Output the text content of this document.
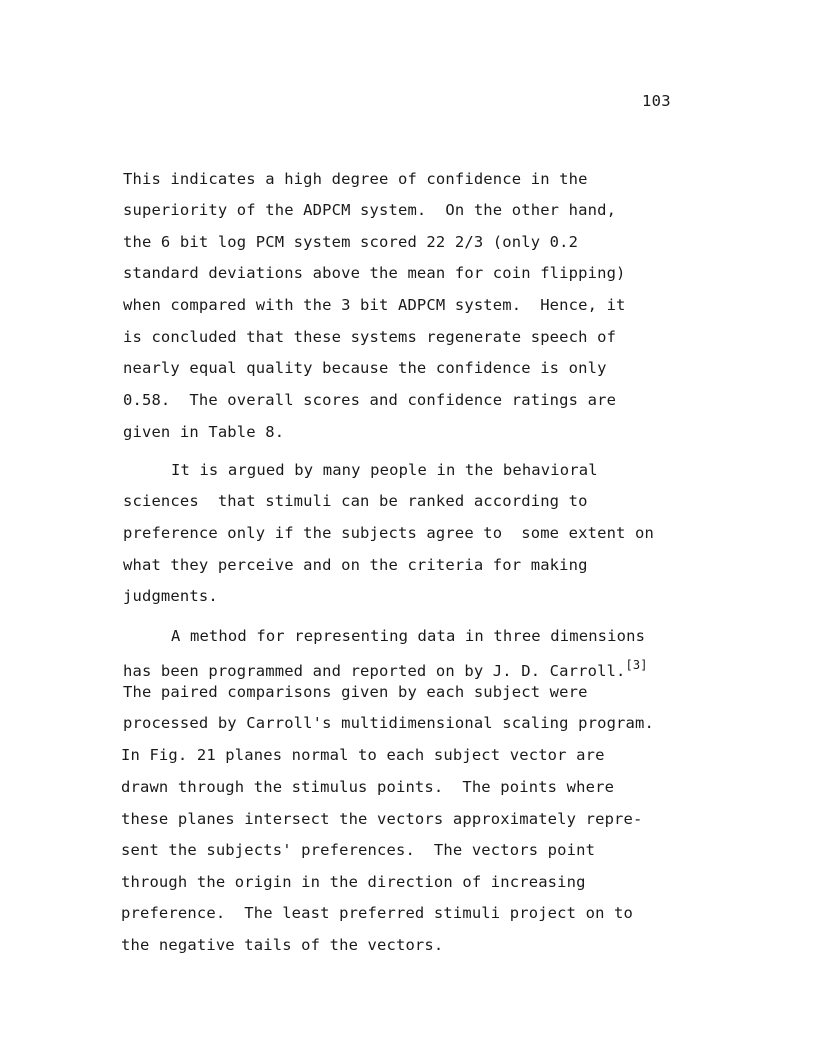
103
This indicates a high degree of confidence in the
superiority of the ADPCM system.  On the other hand,
the 6 bit log PCM system scored 22 2/3 (only 0.2
standard deviations above the mean for coin flipping)
when compared with the 3 bit ADPCM system.  Hence, it
is concluded that these systems regenerate speech of
nearly equal quality because the confidence is only
0.58.  The overall scores and confidence ratings are
given in Table 8.
It is argued by many people in the behavioral
sciences  that stimuli can be ranked according to
preference only if the subjects agree to  some extent on
what they perceive and on the criteria for making
judgments.
A method for representing data in three dimensions
has been programmed and reported on by J. D. Carroll.[3]
The paired comparisons given by each subject were
processed by Carroll's multidimensional scaling program.
In Fig. 21 planes normal to each subject vector are
drawn through the stimulus points.  The points where
these planes intersect the vectors approximately repre-
sent the subjects' preferences.  The vectors point
through the origin in the direction of increasing
preference.  The least preferred stimuli project on to
the negative tails of the vectors.
